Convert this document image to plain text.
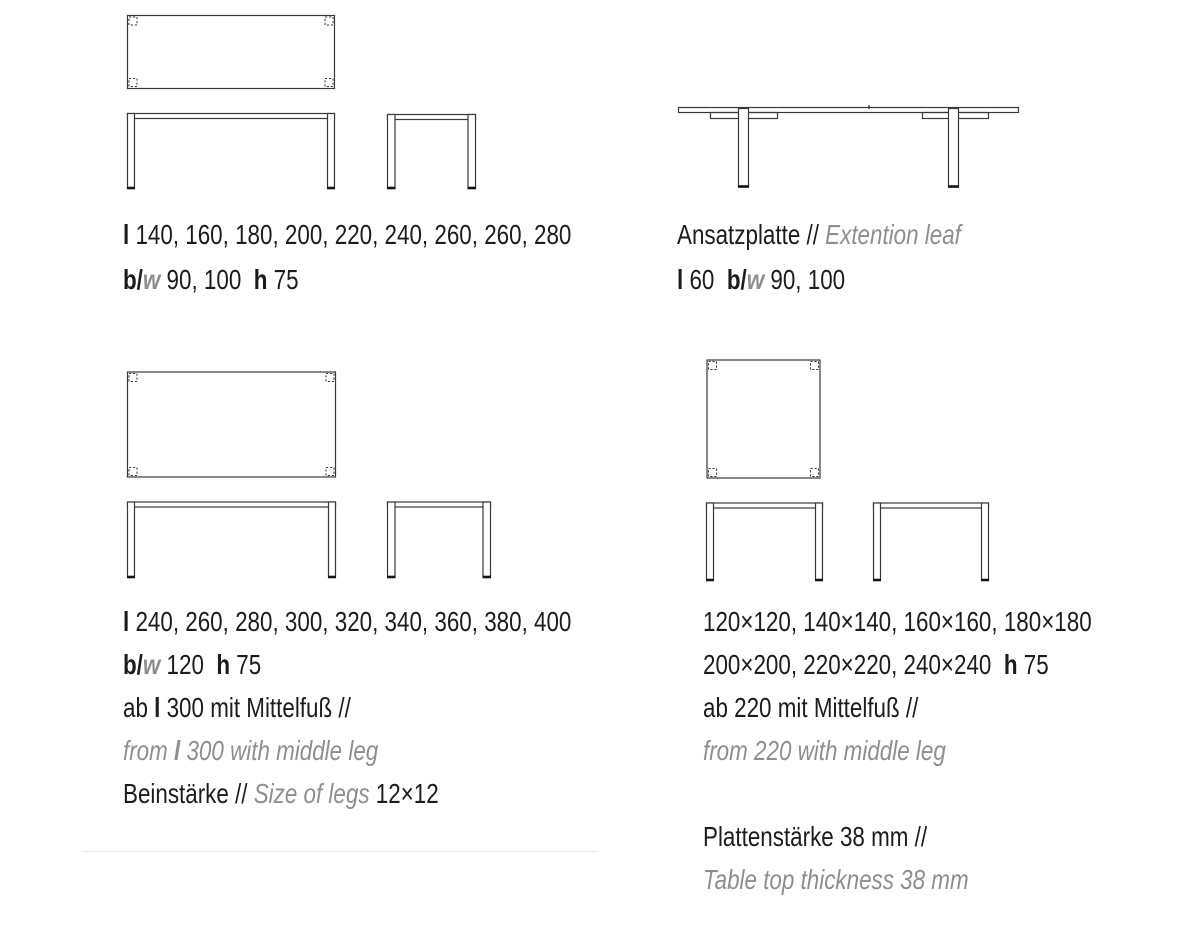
l 140, 160, 180, 200, 220, 240, 260, 260, 280
b/w 90, 100  h 75
Ansatzplatte // Extention leaf
l 60  b/w 90, 100
l 240, 260, 280, 300, 320, 340, 360, 380, 400
b/w 120  h 75
ab l 300 mit Mittelfuß //
from l 300 with middle leg
Beinstärke // Size of legs 12×12
120×120, 140×140, 160×160, 180×180
200×200, 220×220, 240×240  h 75
ab 220 mit Mittelfuß //
from 220 with middle leg
Plattenstärke 38 mm //
Table top thickness 38 mm
